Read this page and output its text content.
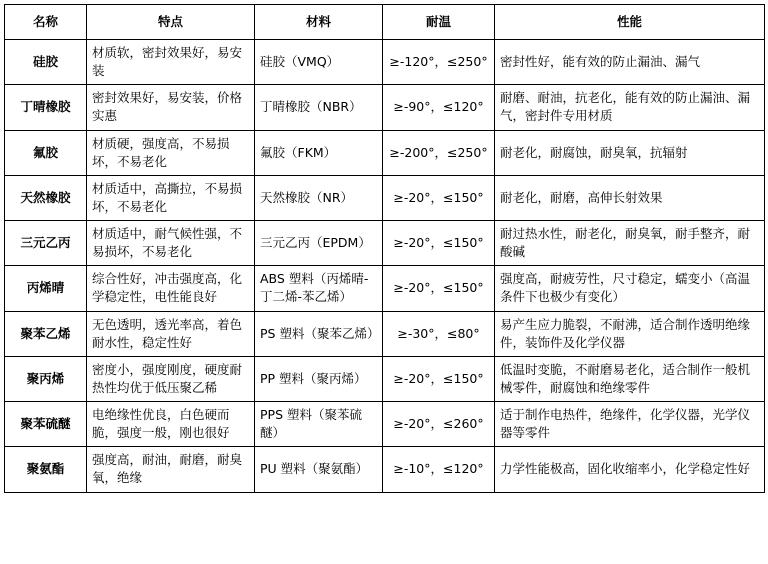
名称	特点	材料	耐温	性能
硅胶	材质软，密封效果好，易安装	硅胶（VMQ）	≥-120°，≤250°	密封性好，能有效的防止漏油、漏气
丁晴橡胶	密封效果好，易安装，价格实惠	丁晴橡胶（NBR）	≥-90°，≤120°	耐磨、耐油，抗老化，能有效的防止漏油、漏气，密封件专用材质
氟胶	材质硬，强度高，不易损坏，不易老化	氟胶（FKM）	≥-200°，≤250°	耐老化，耐腐蚀，耐臭氧，抗辐射
天然橡胶	材质适中，高撕拉，不易损坏，不易老化	天然橡胶（NR）	≥-20°，≤150°	耐老化，耐磨，高伸长射效果
三元乙丙	材质适中，耐气候性强，不易损坏，不易老化	三元乙丙（EPDM）	≥-20°，≤150°	耐过热水性，耐老化，耐臭氧，耐手整齐，耐酸碱
丙烯晴	综合性好，冲击强度高，化学稳定性，电性能良好	ABS 塑料（丙烯晴-丁二烯-苯乙烯）	≥-20°，≤150°	强度高，耐疲劳性，尺寸稳定，蠕变小（高温条件下也极少有变化）
聚苯乙烯	无色透明，透光率高，着色耐水性，稳定性好	PS 塑料（聚苯乙烯）	≥-30°，≤80°	易产生应力脆裂，不耐沸，适合制作透明绝缘件，装饰件及化学仪器
聚丙烯	密度小，强度刚度，硬度耐热性均优于低压聚乙稀	PP 塑料（聚丙烯）	≥-20°，≤150°	低温时变脆，不耐磨易老化，适合制作一般机械零件，耐腐蚀和绝缘零件
聚苯硫醚	电绝缘性优良，白色硬而脆，强度一般，刚也很好	PPS 塑料（聚苯硫醚）	≥-20°，≤260°	适于制作电热件，绝缘件，化学仪器，光学仪器等零件
聚氨酯	强度高，耐油，耐磨，耐臭氧，绝缘	PU 塑料（聚氨酯）	≥-10°，≤120°	力学性能极高，固化收缩率小，化学稳定性好
